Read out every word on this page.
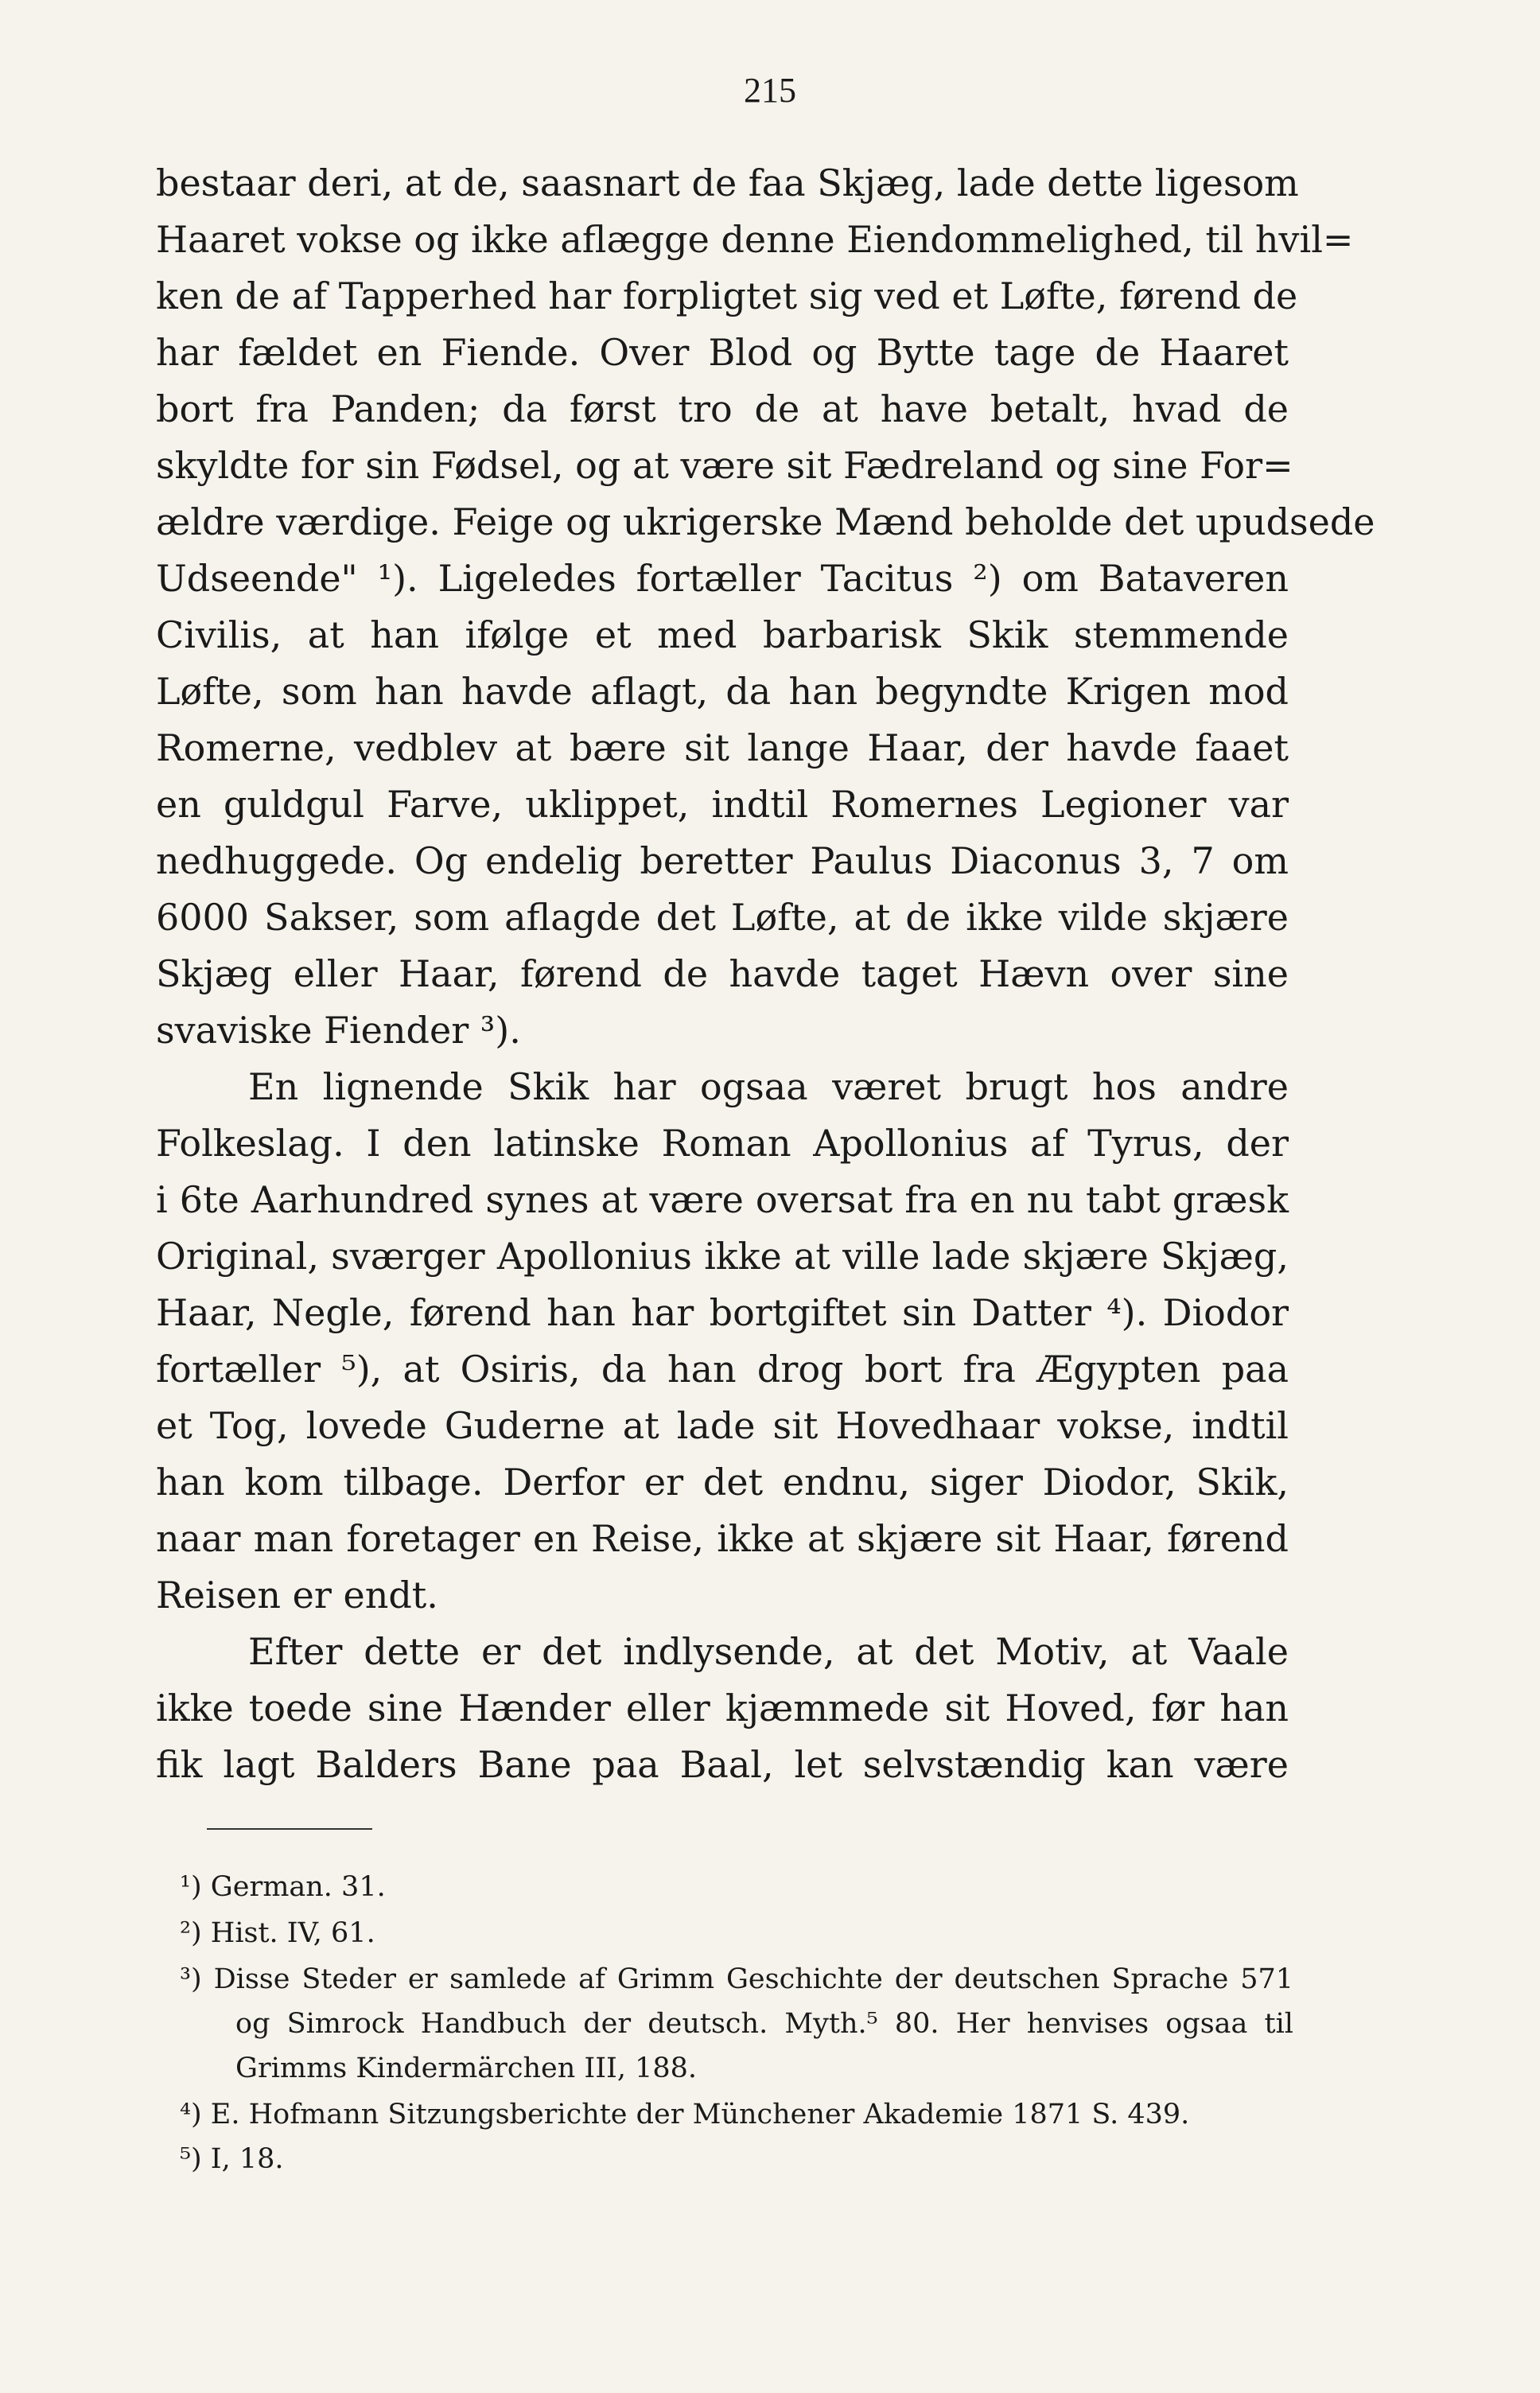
215
bestaar deri, at de, saasnart de faa Skjæg, lade dette ligesom
Haaret vokse og ikke aflægge denne Eiendommelighed, til hvil=
ken de af Tapperhed har forpligtet sig ved et Løfte, førend de
har fældet en Fiende. Over Blod og Bytte tage de Haaret
bort fra Panden; da først tro de at have betalt, hvad de
skyldte for sin Fødsel, og at være sit Fædreland og sine For=
ældre værdige. Feige og ukrigerske Mænd beholde det upudsede
Udseende" ¹). Ligeledes fortæller Tacitus ²) om Bataveren
Civilis, at han ifølge et med barbarisk Skik stemmende
Løfte, som han havde aflagt, da han begyndte Krigen mod
Romerne, vedblev at bære sit lange Haar, der havde faaet
en guldgul Farve, uklippet, indtil Romernes Legioner var
nedhuggede. Og endelig beretter Paulus Diaconus 3, 7 om
6000 Sakser, som aflagde det Løfte, at de ikke vilde skjære
Skjæg eller Haar, førend de havde taget Hævn over sine
svaviske Fiender ³).
En lignende Skik har ogsaa været brugt hos andre
Folkeslag. I den latinske Roman Apollonius af Tyrus, der
i 6te Aarhundred synes at være oversat fra en nu tabt græsk
Original, sværger Apollonius ikke at ville lade skjære Skjæg,
Haar, Negle, førend han har bortgiftet sin Datter ⁴). Diodor
fortæller ⁵), at Osiris, da han drog bort fra Ægypten paa
et Tog, lovede Guderne at lade sit Hovedhaar vokse, indtil
han kom tilbage. Derfor er det endnu, siger Diodor, Skik,
naar man foretager en Reise, ikke at skjære sit Haar, førend
Reisen er endt.
Efter dette er det indlysende, at det Motiv, at Vaale
ikke toede sine Hænder eller kjæmmede sit Hoved, før han
fik lagt Balders Bane paa Baal, let selvstændig kan være
¹) German. 31.
²) Hist. IV, 61.
³) Disse Steder er samlede af Grimm Geschichte der deutschen Sprache 571
og Simrock Handbuch der deutsch. Myth.⁵ 80. Her henvises ogsaa til
Grimms Kindermärchen III, 188.
⁴) E. Hofmann Sitzungsberichte der Münchener Akademie 1871 S. 439.
⁵) I, 18.
